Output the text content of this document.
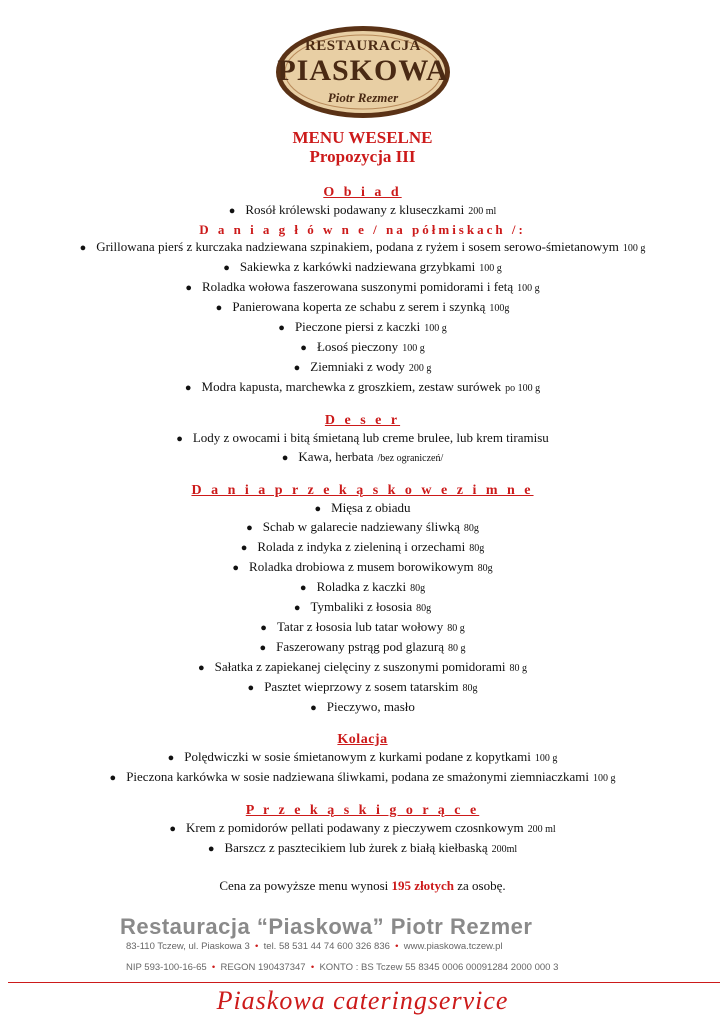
RESTAURACJA
PIASKOWA
Piotr Rezmer
MENU WESELNE
Propozycja III
O b i a d
● Rosół królewski podawany z kluseczkami 200 ml
D a n i a g ł ó w n e / na półmiskach /:
● Grillowana pierś z kurczaka nadziewana szpinakiem, podana z ryżem i sosem serowo-śmietanowym 100 g
● Sakiewka z karkówki nadziewana grzybkami 100 g
● Roladka wołowa faszerowana suszonymi pomidorami i fetą 100 g
● Panierowana koperta ze schabu z serem i szynką 100g
● Pieczone piersi z kaczki 100 g
● Łosoś pieczony 100 g
● Ziemniaki z wody 200 g
● Modra kapusta, marchewka z groszkiem, zestaw surówek po 100 g
D e s e r
● Lody z owocami i bitą śmietaną lub creme brulee, lub krem tiramisu
● Kawa, herbata /bez ograniczeń/
D a n i a p r z e k ą s k o w e z i m n e
● Mięsa z obiadu
● Schab w galarecie nadziewany śliwką 80g
● Rolada z indyka z zieleniną i orzechami 80g
● Roladka drobiowa z musem borowikowym 80g
● Roladka z kaczki 80g
● Tymbaliki z łososia 80g
● Tatar z łososia lub tatar wołowy 80 g
● Faszerowany pstrąg pod glazurą 80 g
● Sałatka z zapiekanej cielęciny z suszonymi pomidorami 80 g
● Pasztet wieprzowy z sosem tatarskim 80g
● Pieczywo, masło
Kolacja
● Polędwiczki w sosie śmietanowym z kurkami podane z kopytkami 100 g
● Pieczona karkówka w sosie nadziewana śliwkami, podana ze smażonymi ziemniaczkami 100 g
P r z e k ą s k i g o r ą c e
● Krem z pomidorów pellati podawany z pieczywem czosnkowym 200 ml
● Barszcz z pasztecikiem lub żurek z białą kiełbaską 200ml
Cena za powyższe menu wynosi 195 złotych za osobę.
Restauracja “Piaskowa” Piotr Rezmer
83-110 Tczew, ul. Piaskowa 3  •  tel. 58 531 44 74 600 326 836  •  www.piaskowa.tczew.pl
NIP 593-100-16-65  •  REGON 190437347  •  KONTO : BS Tczew 55 8345 0006 00091284 2000 000 3
Piaskowa cateringservice
